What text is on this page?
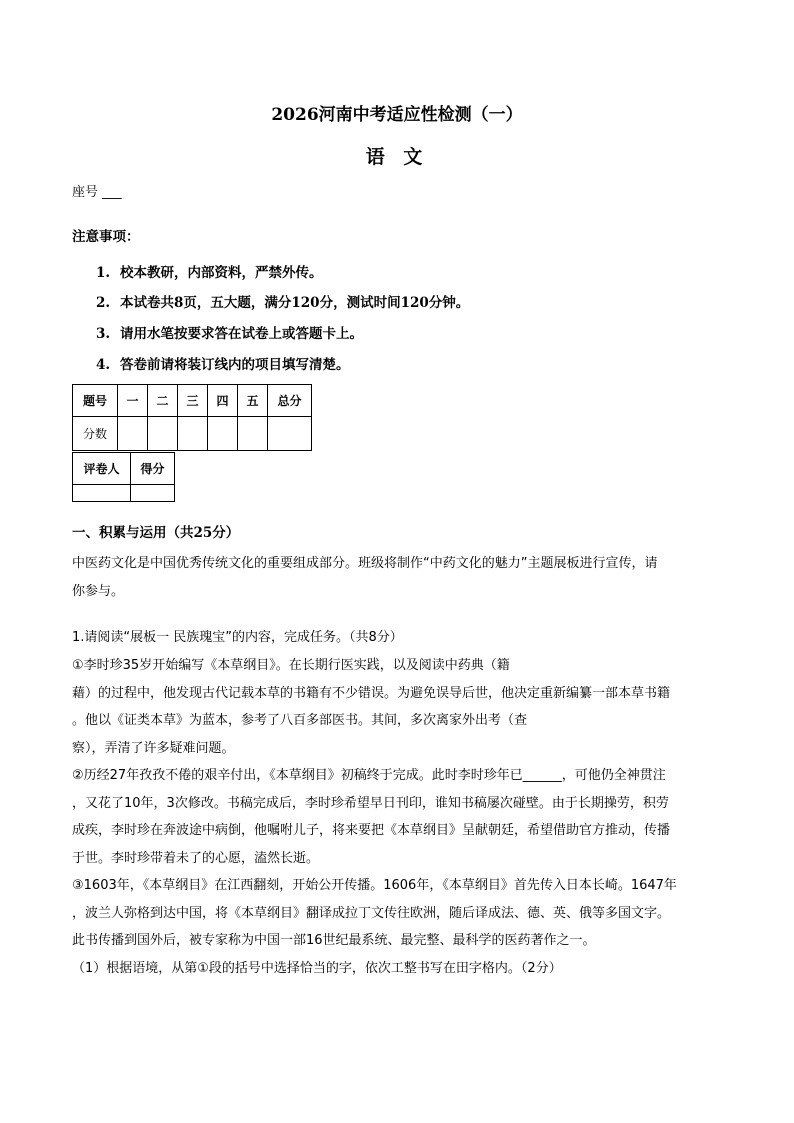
2026河南中考适应性检测（一）
语 文
座号 ___
注意事项：
1. 校本教研，内部资料，严禁外传。
2. 本试卷共8页，五大题，满分120分，测试时间120分钟。
3. 请用水笔按要求答在试卷上或答题卡上。
4. 答卷前请将装订线内的项目填写清楚。
题号	一	二	三	四	五	总分
分数						
评卷人	得分

一、积累与运用（共25分）

中医药文化是中国优秀传统文化的重要组成部分。班级将制作“中药文化的魅力”主题展板进行宣传，请

你参与。

1.请阅读“展板一 民族瑰宝”的内容，完成任务。（共8分）

①李时珍35岁开始编写《本草纲目》。在长期行医实践，以及阅读中药典（籍

藉）的过程中，他发现古代记载本草的书籍有不少错误。为避免误导后世，他决定重新编纂一部本草书籍

。他以《证类本草》为蓝本，参考了八百多部医书。其间，多次离家外出考（查

察），弄清了许多疑难问题。

②历经27年孜孜不倦的艰辛付出，《本草纲目》初稿终于完成。此时李时珍年已______，可他仍全神贯注

，又花了10年，3次修改。书稿完成后，李时珍希望早日刊印，谁知书稿屡次碰壁。由于长期操劳，积劳

成疾，李时珍在奔波途中病倒，他嘱咐儿子，将来要把《本草纲目》呈献朝廷，希望借助官方推动，传播

于世。李时珍带着未了的心愿，溘然长逝。

③1603年，《本草纲目》在江西翻刻，开始公开传播。1606年，《本草纲目》首先传入日本长崎。1647年

，波兰人弥格到达中国，将《本草纲目》翻译成拉丁文传往欧洲，随后译成法、德、英、俄等多国文字。

此书传播到国外后，被专家称为中国一部16世纪最系统、最完整、最科学的医药著作之一。

（1）根据语境，从第①段的括号中选择恰当的字，依次工整书写在田字格内。（2分）
